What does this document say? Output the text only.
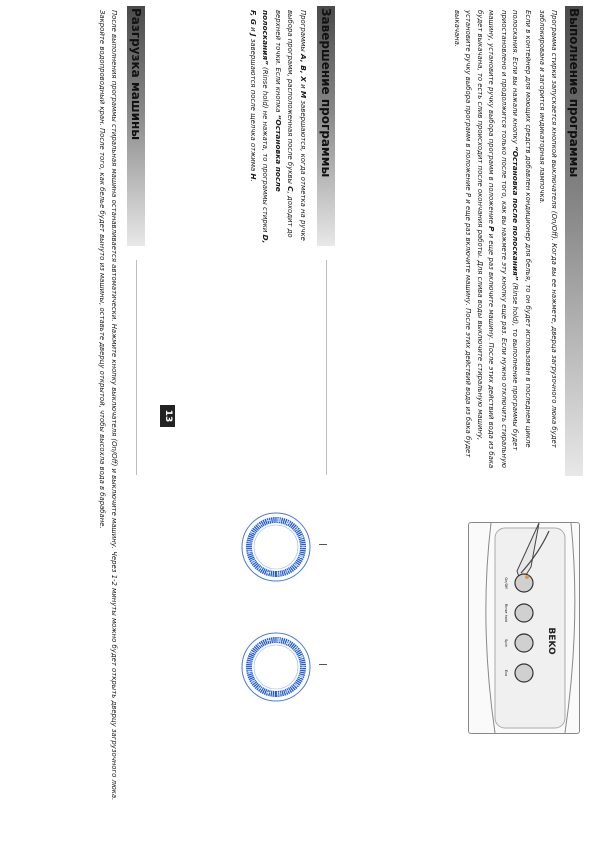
Выполнение программы
Программа стирки запускается кнопкой выключателя (On/Off). Когда вы ее нажмете, дверца загрузочного люка будет заблокирована и загорится индикаторная лампочка.
Если в контейнер для моющих средств добавлен кондиционер для белья, то он будет использован в последнем цикле полоскания. Если вы нажали кнопку “Остановка после полоскания” (Rinse hold), то выполнение программы будет приостановлено и продолжится только после того, как вы нажмете эту кнопку еще раз. Если нужно отключить стиральную машину, установите ручку выбора программ в положение P и еще раз включите машину. После этих действий вода из бака будет выкачана, то есть слив происходит после окончания работы. Для слива воды выключите стиральную машину, установите ручку выбора программ в положение P и еще раз включите машину. После этих действий вода из бака будет выкачана.
On/Off
Rinse hold
Spin
Eco
BEKO
Завершение программы
Программы A, B, X и M завершаются, когда отметка на ручке выбора программ, расположенная после буквы C, доходит до верхней точки. Если кнопка “Остановка после полоскания” (Rinse hold) не нажата, то программы стирки D, F, G и J завершаются после щелчка отжима H.
A
B
X
C
D
E
F
G
H
I
J
K
L M
N
O
P
A
B
X
C
D
E
F
G
H
I
J
K
L M
N
O
P
Разгрузка машины
После выполнения программы стиральная машина останавливается автоматически. Нажмите кнопку выключателя (On/Off) и выключите машину. Через 1-2 минуты можно будет открыть дверцу загрузочного люка. Закройте водопроводный кран. После того, как белье будет вынуто из машины, оставьте дверцу открытой, чтобы высохла вода в барабане.	13
